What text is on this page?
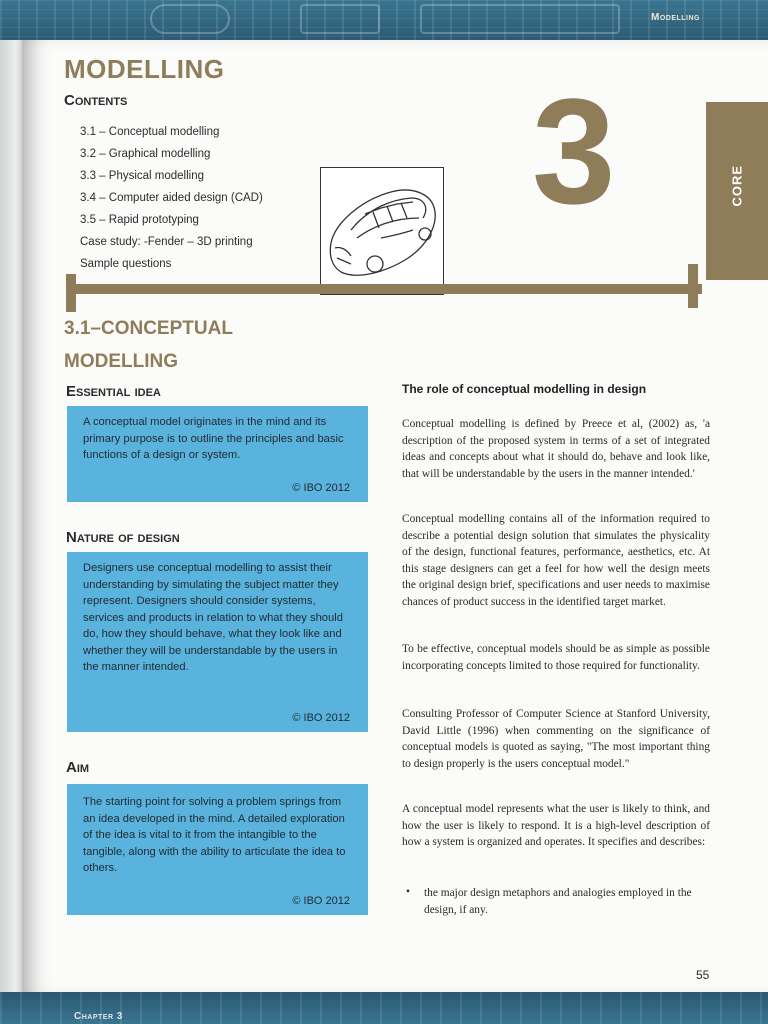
Modelling
MODELLING
Contents
3.1 – Conceptual modelling
3.2 – Graphical modelling
3.3 – Physical modelling
3.4 – Computer aided design (CAD)
3.5 – Rapid prototyping
Case study: -Fender – 3D printing
Sample questions
3	CORE
3.1–CONCEPTUAL
MODELLING
Essential idea
A conceptual model originates in the mind and its primary purpose is to outline the principles and basic functions of a design or system.
© IBO 2012
Nature of design
Designers use conceptual modelling to assist their understanding by simulating the subject matter they represent. Designers should consider systems, services and products in relation to what they should do, how they should behave, what they look like and whether they will be understandable by the users in the manner intended.
© IBO 2012
Aim
The starting point for solving a problem springs from an idea developed in the mind. A detailed exploration of the idea is vital to it from the intangible to the tangible, along with the ability to articulate the idea to others.
© IBO 2012
The role of conceptual modelling in design

Conceptual modelling is defined by Preece et al, (2002) as, 'a description of the proposed system in terms of a set of integrated ideas and concepts about what it should do, behave and look like, that will be understandable by the users in the manner intended.'

Conceptual modelling contains all of the information required to describe a potential design solution that simulates the physicality of the design, functional features, performance, aesthetics, etc. At this stage designers can get a feel for how well the design meets the original design brief, specifications and user needs to maximise chances of product success in the identified target market.

To be effective, conceptual models should be as simple as possible incorporating concepts limited to those required for functionality.

Consulting Professor of Computer Science at Stanford University, David Little (1996) when commenting on the significance of conceptual models is quoted as saying, "The most important thing to design properly is the users conceptual model."

A conceptual model represents what the user is likely to think, and how the user is likely to respond. It is a high-level description of how a system is organized and operates. It specifies and describes:

• the major design metaphors and analogies employed in the design, if any.

55
Chapter 3
